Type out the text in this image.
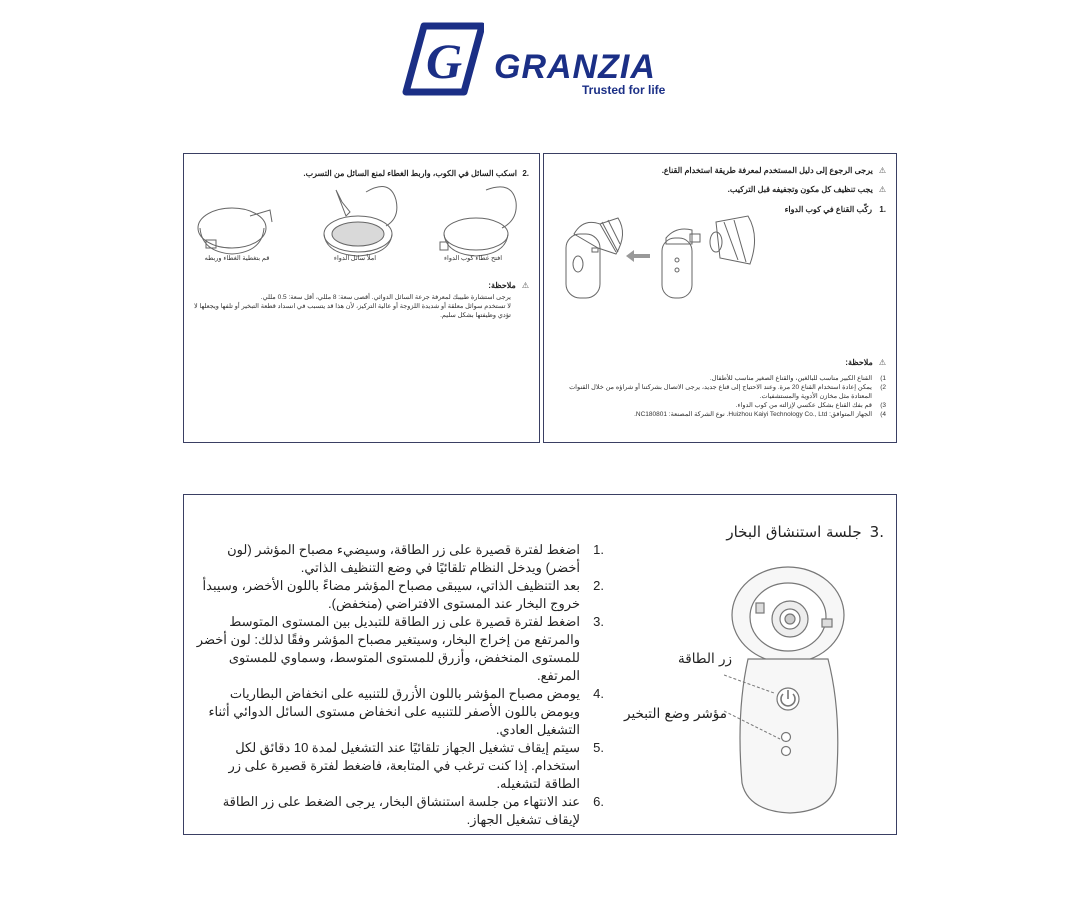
G GRANZIA
Trusted for life
⚠
يرجى الرجوع إلى دليل المستخدم لمعرفة طريقة استخدام القناع.
⚠
يجب تنظيف كل مكون وتجفيفه قبل التركيب.
1.
ركّب القناع في كوب الدواء
⚠
ملاحظة:
1)
القناع الكبير مناسب للبالغين، والقناع الصغير مناسب للأطفال.
2)
يمكن إعادة استخدام القناع 20 مرة. وعند الاحتياج إلى قناع جديد، يرجى الاتصال بشركتنا أو شراؤه من خلال القنوات المعتادة مثل مخازن الأدوية والمستشفيات.
3)
قم بفك القناع بشكل عكسي لإزالته من كوب الدواء.
4)
الجهاز المتوافق: Huizhou Kaiyi Technology Co., Ltd. نوع الشركة المصنعة: NC180801.
2.
اسكب السائل في الكوب، واربط الغطاء لمنع السائل من التسرب.
قم بتغطية الغطاء وربطه	املأ سائل الدواء	افتح غطاء كوب الدواء
⚠
ملاحظة:
يرجى استشارة طبيبك لمعرفة جرعة السائل الدوائي. أقصى سعة: 8 مللي، أقل سعة: 0.5 مللي.
لا تستخدم سوائل معلقة أو شديدة اللزوجة أو عالية التركيز، لأن هذا قد يتسبب في انسداد قطعة التبخير أو تلفها ويجعلها لا تؤدي وظيفتها بشكل سليم.
.3
جلسة استنشاق البخار
.1
اضغط لفترة قصيرة على زر الطاقة، وسيضيء مصباح المؤشر (لون أخضر) ويدخل النظام تلقائيًا في وضع التنظيف الذاتي.
.2
بعد التنظيف الذاتي، سيبقى مصباح المؤشر مضاءً باللون الأخضر، وسيبدأ خروج البخار عند المستوى الافتراضي (منخفض).
.3
اضغط لفترة قصيرة على زر الطاقة للتبديل بين المستوى المتوسط والمرتفع من إخراج البخار، وسيتغير مصباح المؤشر وفقًا لذلك: لون أخضر للمستوى المنخفض، وأزرق للمستوى المتوسط، وسماوي للمستوى المرتفع.
.4
يومض مصباح المؤشر باللون الأزرق للتنبيه على انخفاض البطاريات ويومض باللون الأصفر للتنبيه على انخفاض مستوى السائل الدوائي أثناء التشغيل العادي.
.5
سيتم إيقاف تشغيل الجهاز تلقائيًا عند التشغيل لمدة 10 دقائق لكل استخدام. إذا كنت ترغب في المتابعة، فاضغط لفترة قصيرة على زر الطاقة لتشغيله.
.6
عند الانتهاء من جلسة استنشاق البخار، يرجى الضغط على زر الطاقة لإيقاف تشغيل الجهاز.
زر الطاقة
مؤشر وضع التبخير
